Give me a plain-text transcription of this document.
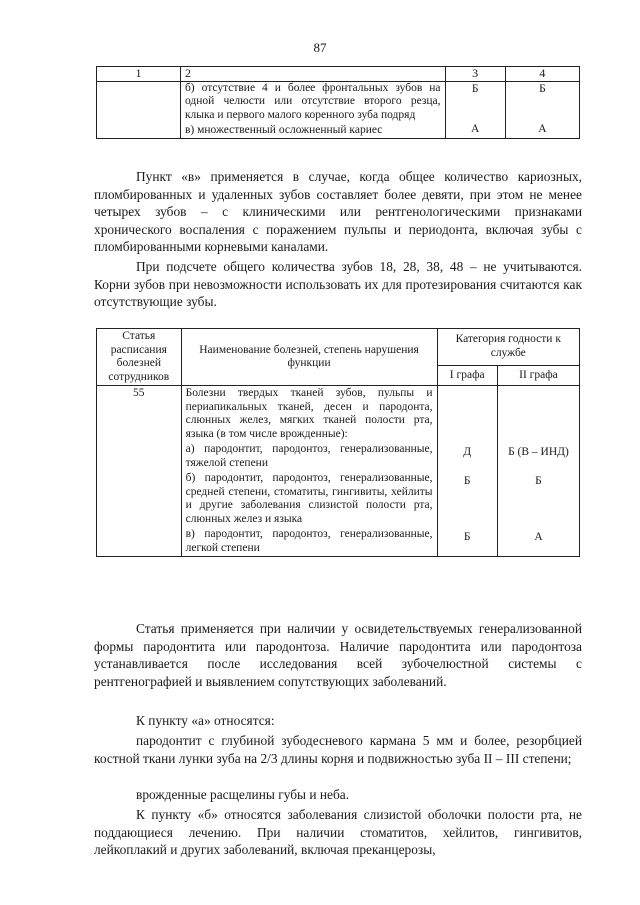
87
1	2	3	4
	б) отсутствие 4 и более фронтальных зубов на одной челюсти или отсутствие второго резца, клыка и первого малого коренного зуба подряд	Б	Б
	в) множественный осложненный кариес	А	А

Пункт «в» применяется в случае, когда общее количество кариозных, пломбированных и удаленных зубов составляет более девяти, при этом не менее четырех зубов – с клиническими или рентгенологическими признаками хронического воспаления с поражением пульпы и периодонта, включая зубы с пломбированными корневыми каналами.

При подсчете общего количества зубов 18, 28, 38, 48 – не учитываются. Корни зубов при невозможности использовать их для протезирования считаются как отсутствующие зубы.

Статья расписания болезней сотрудников	Наименование болезней, степень нарушения функции	Категория годности к службе	
		I графа	II графа
55	Болезни твердых тканей зубов, пульпы и периапикальных тканей, десен и пародонта, слюнных желез, мягких тканей полости рта, языка (в том числе врожденные):		
	а) пародонтит, пародонтоз, генерализованные, тяжелой степени	Д	Б (В – ИНД)
	б) пародонтит, пародонтоз, генерализованные, средней степени, стоматиты, гингивиты, хейлиты и другие заболевания слизистой полости рта, слюнных желез и языка	Б	Б
	в) пародонтит, пародонтоз, генерализованные, легкой степени	Б	А

Статья применяется при наличии у освидетельствуемых генерализованной формы пародонтита или пародонтоза. Наличие пародонтита или пародонтоза устанавливается после исследования всей зубочелюстной системы с рентгенографией и выявлением сопутствующих заболеваний.

К пункту «а» относятся:

пародонтит с глубиной зубодесневого кармана 5 мм и более, резорбцией костной ткани лунки зуба на 2/3 длины корня и подвижностью зуба II – III степени;

врожденные расщелины губы и неба.

К пункту «б» относятся заболевания слизистой оболочки полости рта, не поддающиеся лечению. При наличии стоматитов, хейлитов, гингивитов, лейкоплакий и других заболеваний, включая преканцерозы,
